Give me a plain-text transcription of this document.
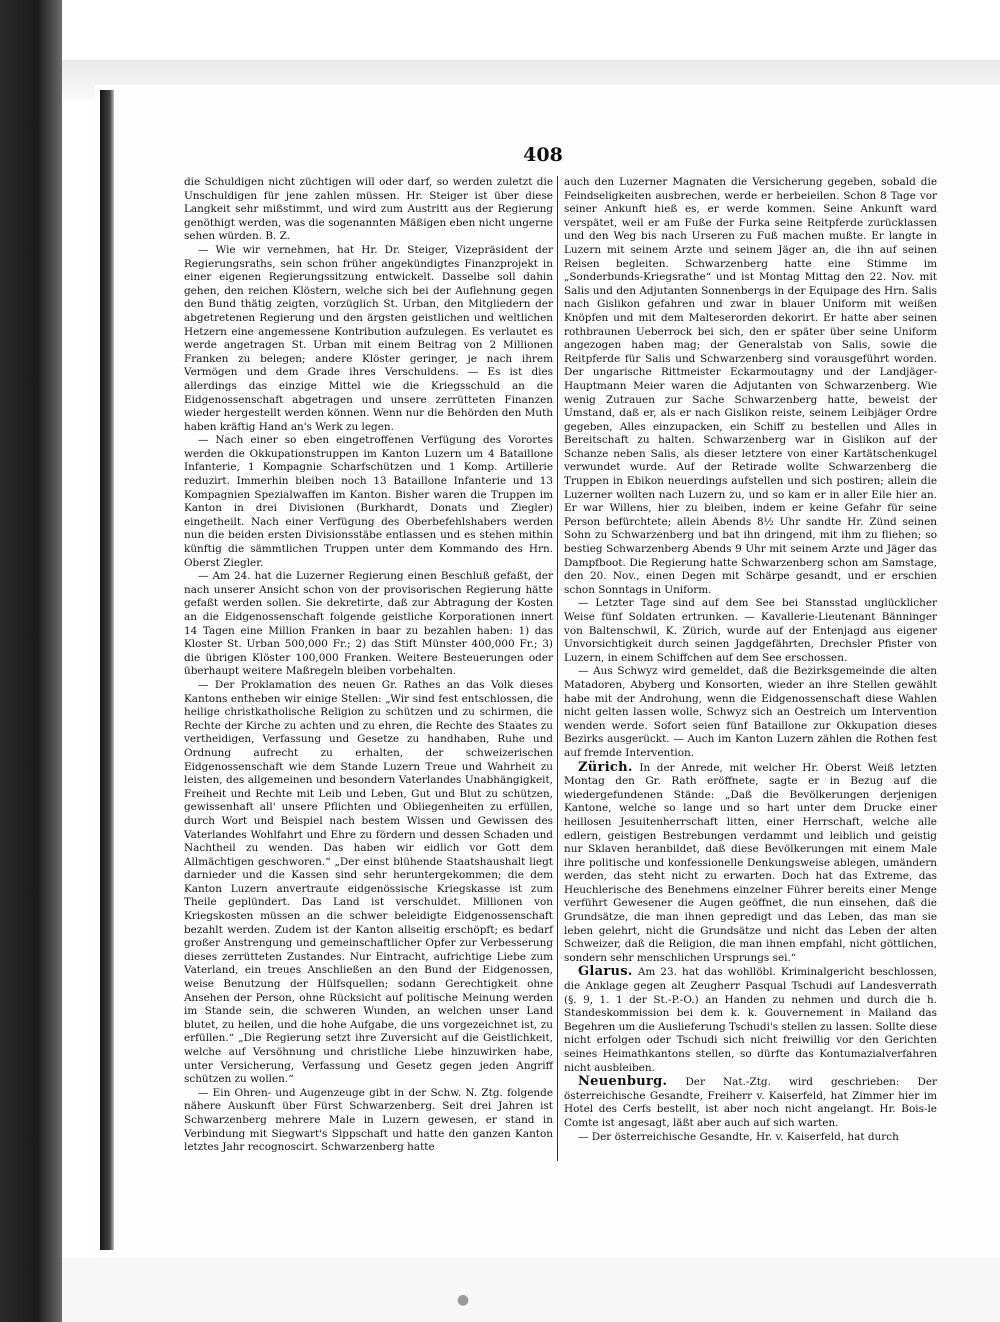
408

die Schuldigen nicht züchtigen will oder darf, so werden zuletzt die Unschuldigen für jene zahlen müssen. Hr. Steiger ist über diese Langkeit sehr mißstimmt, und wird zum Austritt aus der Regierung genöthigt werden, was die sogenannten Mäßigen eben nicht ungerne sehen würden. B. Z.

— Wie wir vernehmen, hat Hr. Dr. Steiger, Vizepräsident der Regierungsraths, sein schon früher angekündigtes Finanzprojekt in einer eigenen Regierungssitzung entwickelt. Dasselbe soll dahin gehen, den reichen Klöstern, welche sich bei der Auflehnung gegen den Bund thätig zeigten, vorzüglich St. Urban, den Mitgliedern der abgetretenen Regierung und den ärgsten geistlichen und weltlichen Hetzern eine angemessene Kontribution aufzulegen. Es verlautet es werde angetragen St. Urban mit einem Beitrag von 2 Millionen Franken zu belegen; andere Klöster geringer, je nach ihrem Vermögen und dem Grade ihres Verschuldens. — Es ist dies allerdings das einzige Mittel wie die Kriegsschuld an die Eidgenossenschaft abgetragen und unsere zerrütteten Finanzen wieder hergestellt werden können. Wenn nur die Behörden den Muth haben kräftig Hand an's Werk zu legen.

— Nach einer so eben eingetroffenen Verfügung des Vorortes werden die Okkupationstruppen im Kanton Luzern um 4 Bataillone Infanterie, 1 Kompagnie Scharfschützen und 1 Komp. Artillerie reduzirt. Immerhin bleiben noch 13 Bataillone Infanterie und 13 Kompagnien Spezialwaffen im Kanton. Bisher waren die Truppen im Kanton in drei Divisionen (Burkhardt, Donats und Ziegler) eingetheilt. Nach einer Verfügung des Oberbefehlshabers werden nun die beiden ersten Divisionsstäbe entlassen und es stehen mithin künftig die sämmtlichen Truppen unter dem Kommando des Hrn. Oberst Ziegler.

— Am 24. hat die Luzerner Regierung einen Beschluß gefaßt, der nach unserer Ansicht schon von der provisorischen Regierung hätte gefaßt werden sollen. Sie dekretirte, daß zur Abtragung der Kosten an die Eidgenossenschaft folgende geistliche Korporationen innert 14 Tagen eine Million Franken in baar zu bezahlen haben: 1) das Kloster St. Urban 500,000 Fr.; 2) das Stift Münster 400,000 Fr.; 3) die übrigen Klöster 100,000 Franken. Weitere Besteuerungen oder überhaupt weitere Maßregeln bleiben vorbehalten.

— Der Proklamation des neuen Gr. Rathes an das Volk dieses Kantons entheben wir einige Stellen: „Wir sind fest entschlossen, die heilige christkatholische Religion zu schützen und zu schirmen, die Rechte der Kirche zu achten und zu ehren, die Rechte des Staates zu vertheidigen, Verfassung und Gesetze zu handhaben, Ruhe und Ordnung aufrecht zu erhalten, der schweizerischen Eidgenossenschaft wie dem Stande Luzern Treue und Wahrheit zu leisten, des allgemeinen und besondern Vaterlandes Unabhängigkeit, Freiheit und Rechte mit Leib und Leben, Gut und Blut zu schützen, gewissenhaft all' unsere Pflichten und Obliegenheiten zu erfüllen, durch Wort und Beispiel nach bestem Wissen und Gewissen des Vaterlandes Wohlfahrt und Ehre zu fördern und dessen Schaden und Nachtheil zu wenden. Das haben wir eidlich vor Gott dem Allmächtigen geschworen.“ „Der einst blühende Staatshaushalt liegt darnieder und die Kassen sind sehr heruntergekommen; die dem Kanton Luzern anvertraute eidgenössische Kriegskasse ist zum Theile geplündert. Das Land ist verschuldet. Millionen von Kriegskosten müssen an die schwer beleidigte Eidgenossenschaft bezahlt werden. Zudem ist der Kanton allseitig erschöpft; es bedarf großer Anstrengung und gemeinschaftlicher Opfer zur Verbesserung dieses zerrütteten Zustandes. Nur Eintracht, aufrichtige Liebe zum Vaterland, ein treues Anschließen an den Bund der Eidgenossen, weise Benutzung der Hülfsquellen; sodann Gerechtigkeit ohne Ansehen der Person, ohne Rücksicht auf politische Meinung werden im Stande sein, die schweren Wunden, an welchen unser Land blutet, zu heilen, und die hohe Aufgabe, die uns vorgezeichnet ist, zu erfüllen.“ „Die Regierung setzt ihre Zuversicht auf die Geistlichkeit, welche auf Versöhnung und christliche Liebe hinzuwirken habe, unter Versicherung, Verfassung und Gesetz gegen jeden Angriff schützen zu wollen.“

— Ein Ohren- und Augenzeuge gibt in der Schw. N. Ztg. folgende nähere Auskunft über Fürst Schwarzenberg. Seit drei Jahren ist Schwarzenberg mehrere Male in Luzern gewesen, er stand in Verbindung mit Siegwart's Sippschaft und hatte den ganzen Kanton letztes Jahr recognoscirt. Schwarzenberg hatte

auch den Luzerner Magnaten die Versicherung gegeben, sobald die Feindseligkeiten ausbrechen, werde er herbeieilen. Schon 8 Tage vor seiner Ankunft hieß es, er werde kommen. Seine Ankunft ward verspätet, weil er am Fuße der Furka seine Reitpferde zurücklassen und den Weg bis nach Urseren zu Fuß machen mußte. Er langte in Luzern mit seinem Arzte und seinem Jäger an, die ihn auf seinen Reisen begleiten. Schwarzenberg hatte eine Stimme im „Sonderbunds-Kriegsrathe“ und ist Montag Mittag den 22. Nov. mit Salis und den Adjutanten Sonnenbergs in der Equipage des Hrn. Salis nach Gislikon gefahren und zwar in blauer Uniform mit weißen Knöpfen und mit dem Malteserorden dekorirt. Er hatte aber seinen rothbraunen Ueberrock bei sich, den er später über seine Uniform angezogen haben mag; der Generalstab von Salis, sowie die Reitpferde für Salis und Schwarzenberg sind vorausgeführt worden. Der ungarische Rittmeister Eckarmoutagny und der Landjäger-Hauptmann Meier waren die Adjutanten von Schwarzenberg. Wie wenig Zutrauen zur Sache Schwarzenberg hatte, beweist der Umstand, daß er, als er nach Gislikon reiste, seinem Leibjäger Ordre gegeben, Alles einzupacken, ein Schiff zu bestellen und Alles in Bereitschaft zu halten. Schwarzenberg war in Gislikon auf der Schanze neben Salis, als dieser letztere von einer Kartätschenkugel verwundet wurde. Auf der Retirade wollte Schwarzenberg die Truppen in Ebikon neuerdings aufstellen und sich postiren; allein die Luzerner wollten nach Luzern zu, und so kam er in aller Eile hier an. Er war Willens, hier zu bleiben, indem er keine Gefahr für seine Person befürchtete; allein Abends 8½ Uhr sandte Hr. Zünd seinen Sohn zu Schwarzenberg und bat ihn dringend, mit ihm zu fliehen; so bestieg Schwarzenberg Abends 9 Uhr mit seinem Arzte und Jäger das Dampfboot. Die Regierung hatte Schwarzenberg schon am Samstage, den 20. Nov., einen Degen mit Schärpe gesandt, und er erschien schon Sonntags in Uniform.

— Letzter Tage sind auf dem See bei Stansstad unglücklicher Weise fünf Soldaten ertrunken. — Kavallerie-Lieutenant Bänninger von Baltenschwil, K. Zürich, wurde auf der Entenjagd aus eigener Unvorsichtigkeit durch seinen Jagdgefährten, Drechsler Pfister von Luzern, in einem Schiffchen auf dem See erschossen.

— Aus Schwyz wird gemeldet, daß die Bezirksgemeinde die alten Matadoren, Abyberg und Konsorten, wieder an ihre Stellen gewählt habe mit der Androhung, wenn die Eidgenossenschaft diese Wahlen nicht gelten lassen wolle, Schwyz sich an Oestreich um Intervention wenden werde. Sofort seien fünf Bataillone zur Okkupation dieses Bezirks ausgerückt. — Auch im Kanton Luzern zählen die Rothen fest auf fremde Intervention.

Zürich. In der Anrede, mit welcher Hr. Oberst Weiß letzten Montag den Gr. Rath eröffnete, sagte er in Bezug auf die wiedergefundenen Stände: „Daß die Bevölkerungen derjenigen Kantone, welche so lange und so hart unter dem Drucke einer heillosen Jesuitenherrschaft litten, einer Herrschaft, welche alle edlern, geistigen Bestrebungen verdammt und leiblich und geistig nur Sklaven heranbildet, daß diese Bevölkerungen mit einem Male ihre politische und konfessionelle Denkungsweise ablegen, umändern werden, das steht nicht zu erwarten. Doch hat das Extreme, das Heuchlerische des Benehmens einzelner Führer bereits einer Menge verführt Gewesener die Augen geöffnet, die nun einsehen, daß die Grundsätze, die man ihnen gepredigt und das Leben, das man sie leben gelehrt, nicht die Grundsätze und nicht das Leben der alten Schweizer, daß die Religion, die man ihnen empfahl, nicht göttlichen, sondern sehr menschlichen Ursprungs sei.“

Glarus. Am 23. hat das wohllöbl. Kriminalgericht beschlossen, die Anklage gegen alt Zeugherr Pasqual Tschudi auf Landesverrath (§. 9, 1. 1 der St.-P.-O.) an Handen zu nehmen und durch die h. Standeskommission bei dem k. k. Gouvernement in Mailand das Begehren um die Auslieferung Tschudi's stellen zu lassen. Sollte diese nicht erfolgen oder Tschudi sich nicht freiwillig vor den Gerichten seines Heimathkantons stellen, so dürfte das Kontumazialverfahren nicht ausbleiben.

Neuenburg. Der Nat.-Ztg. wird geschrieben: Der österreichische Gesandte, Freiherr v. Kaiserfeld, hat Zimmer hier im Hotel des Cerfs bestellt, ist aber noch nicht angelangt. Hr. Bois-le Comte ist angesagt, läßt aber auch auf sich warten.

— Der österreichische Gesandte, Hr. v. Kaiserfeld, hat durch

●
